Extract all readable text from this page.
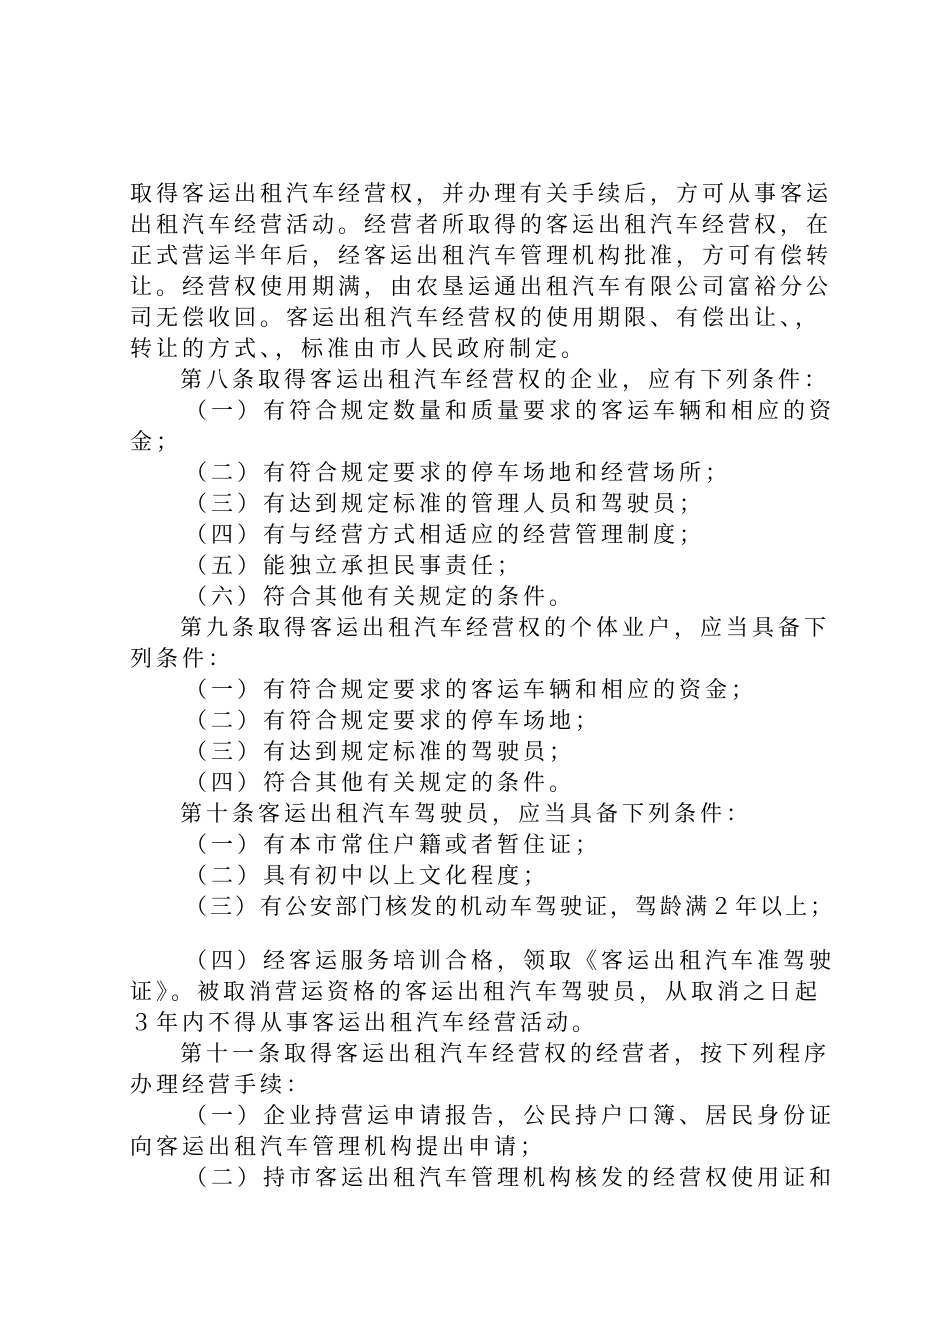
取得客运出租汽车经营权，并办理有关手续后，方可从事客运
出租汽车经营活动。经营者所取得的客运出租汽车经营权，在
正式营运半年后，经客运出租汽车管理机构批准，方可有偿转
让。经营权使用期满，由农垦运通出租汽车有限公司富裕分公
司无偿收回。客运出租汽车经营权的使用期限、有偿出让、，
转让的方式、，标准由市人民政府制定。
第八条取得客运出租汽车经营权的企业，应有下列条件：
（一）有符合规定数量和质量要求的客运车辆和相应的资
金；
（二）有符合规定要求的停车场地和经营场所；
（三）有达到规定标准的管理人员和驾驶员；
（四）有与经营方式相适应的经营管理制度；
（五）能独立承担民事责任；
（六）符合其他有关规定的条件。
第九条取得客运出租汽车经营权的个体业户，应当具备下
列条件：
（一）有符合规定要求的客运车辆和相应的资金；
（二）有符合规定要求的停车场地；
（三）有达到规定标准的驾驶员；
（四）符合其他有关规定的条件。
第十条客运出租汽车驾驶员，应当具备下列条件：
（一）有本市常住户籍或者暂住证；
（二）具有初中以上文化程度；
（三）有公安部门核发的机动车驾驶证，驾龄满２年以上；
（四）经客运服务培训合格，领取《客运出租汽车准驾驶
证》。被取消营运资格的客运出租汽车驾驶员，从取消之日起
３年内不得从事客运出租汽车经营活动。
第十一条取得客运出租汽车经营权的经营者，按下列程序
办理经营手续：
（一）企业持营运申请报告，公民持户口簿、居民身份证
向客运出租汽车管理机构提出申请；
（二）持市客运出租汽车管理机构核发的经营权使用证和
